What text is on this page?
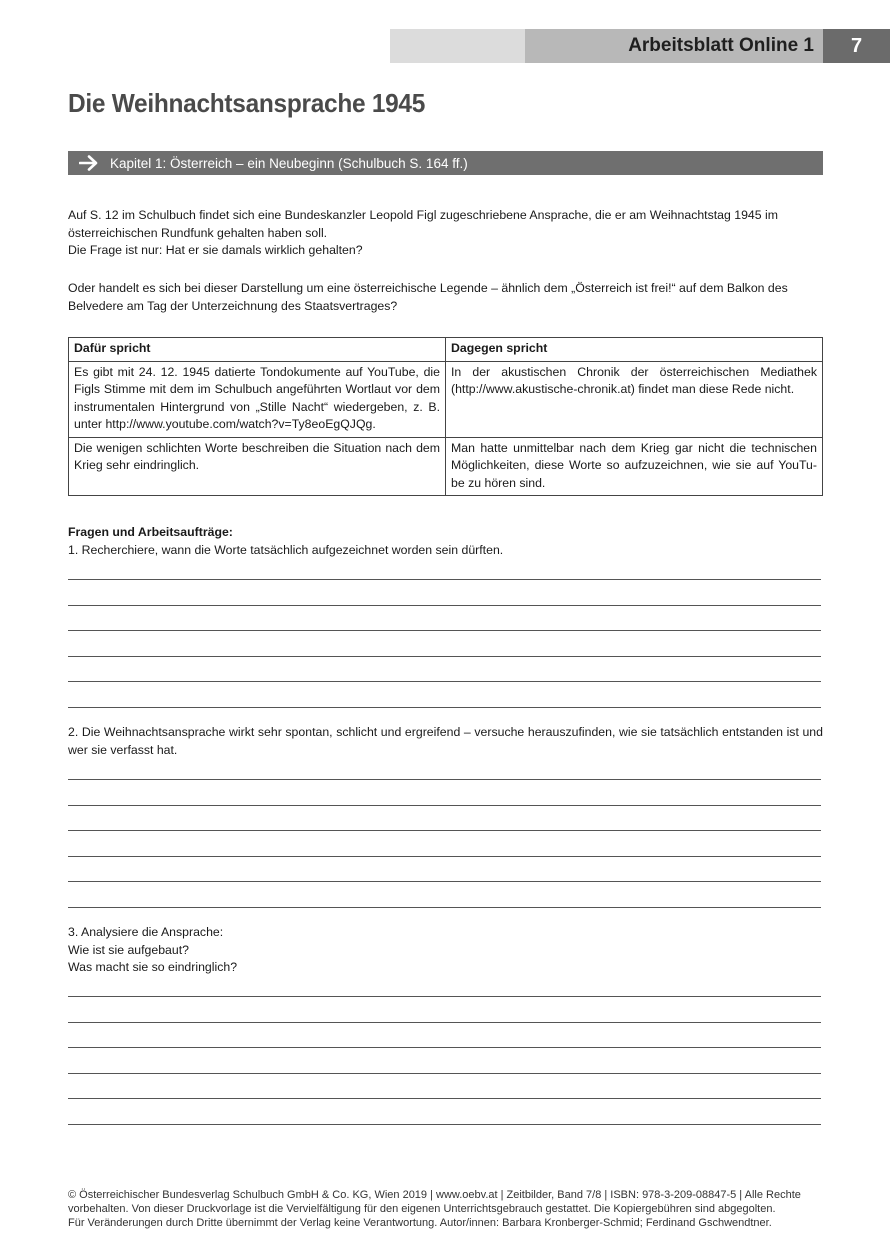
Arbeitsblatt Online 1 7
Die Weihnachtsansprache 1945
Kapitel 1: Österreich – ein Neubeginn (Schulbuch S. 164 ff.)

Auf S. 12 im Schulbuch findet sich eine Bundeskanzler Leopold Figl zugeschriebene Ansprache, die er am Weihnachtstag 1945 im

österreichischen Rundfunk gehalten haben soll.

Die Frage ist nur: Hat er sie damals wirklich gehalten?

Oder handelt es sich bei dieser Darstellung um eine österreichische Legende – ähnlich dem „Österreich ist frei!“ auf dem Balkon des

Belvedere am Tag der Unterzeichnung des Staatsvertrages?

Dafür spricht	Dagegen spricht
Es gibt mit 24. 12. 1945 datierte Tondokumente auf YouTube, die Figls Stimme mit dem im Schulbuch angeführten Wortlaut vor dem instrumentalen Hintergrund von „Stille Nacht“ wiedergeben, z. B. unter http://www.youtube.com/watch?v=Ty8eoEgQJQg.	In der akustischen Chronik der österreichischen Mediathek (http://www.akustische-chronik.at) findet man diese Rede nicht.
Die wenigen schlichten Worte beschreiben die Situation nach dem Krieg sehr eindringlich.	Man hatte unmittelbar nach dem Krieg gar nicht die technischen Möglichkeiten, diese Worte so aufzuzeichnen, wie sie auf YouTu-be zu hören sind.
Fragen und Arbeitsaufträge:
1. Recherchiere, wann die Worte tatsächlich aufgezeichnet worden sein dürften.
2. Die Weihnachtsansprache wirkt sehr spontan, schlicht und ergreifend – versuche herauszufinden, wie sie tatsächlich entstanden ist und wer sie verfasst hat.

3. Analysiere die Ansprache:

Wie ist sie aufgebaut?

Was macht sie so eindringlich?

© Österreichischer Bundesverlag Schulbuch GmbH & Co. KG, Wien 2019 | www.oebv.at | Zeitbilder, Band 7/8 | ISBN: 978-3-209-08847-5 | Alle Rechte

vorbehalten. Von dieser Druckvorlage ist die Vervielfältigung für den eigenen Unterrichtsgebrauch gestattet. Die Kopiergebühren sind abgegolten.

Für Veränderungen durch Dritte übernimmt der Verlag keine Verantwortung. Autor/innen: Barbara Kronberger-Schmid; Ferdinand Gschwendtner.
